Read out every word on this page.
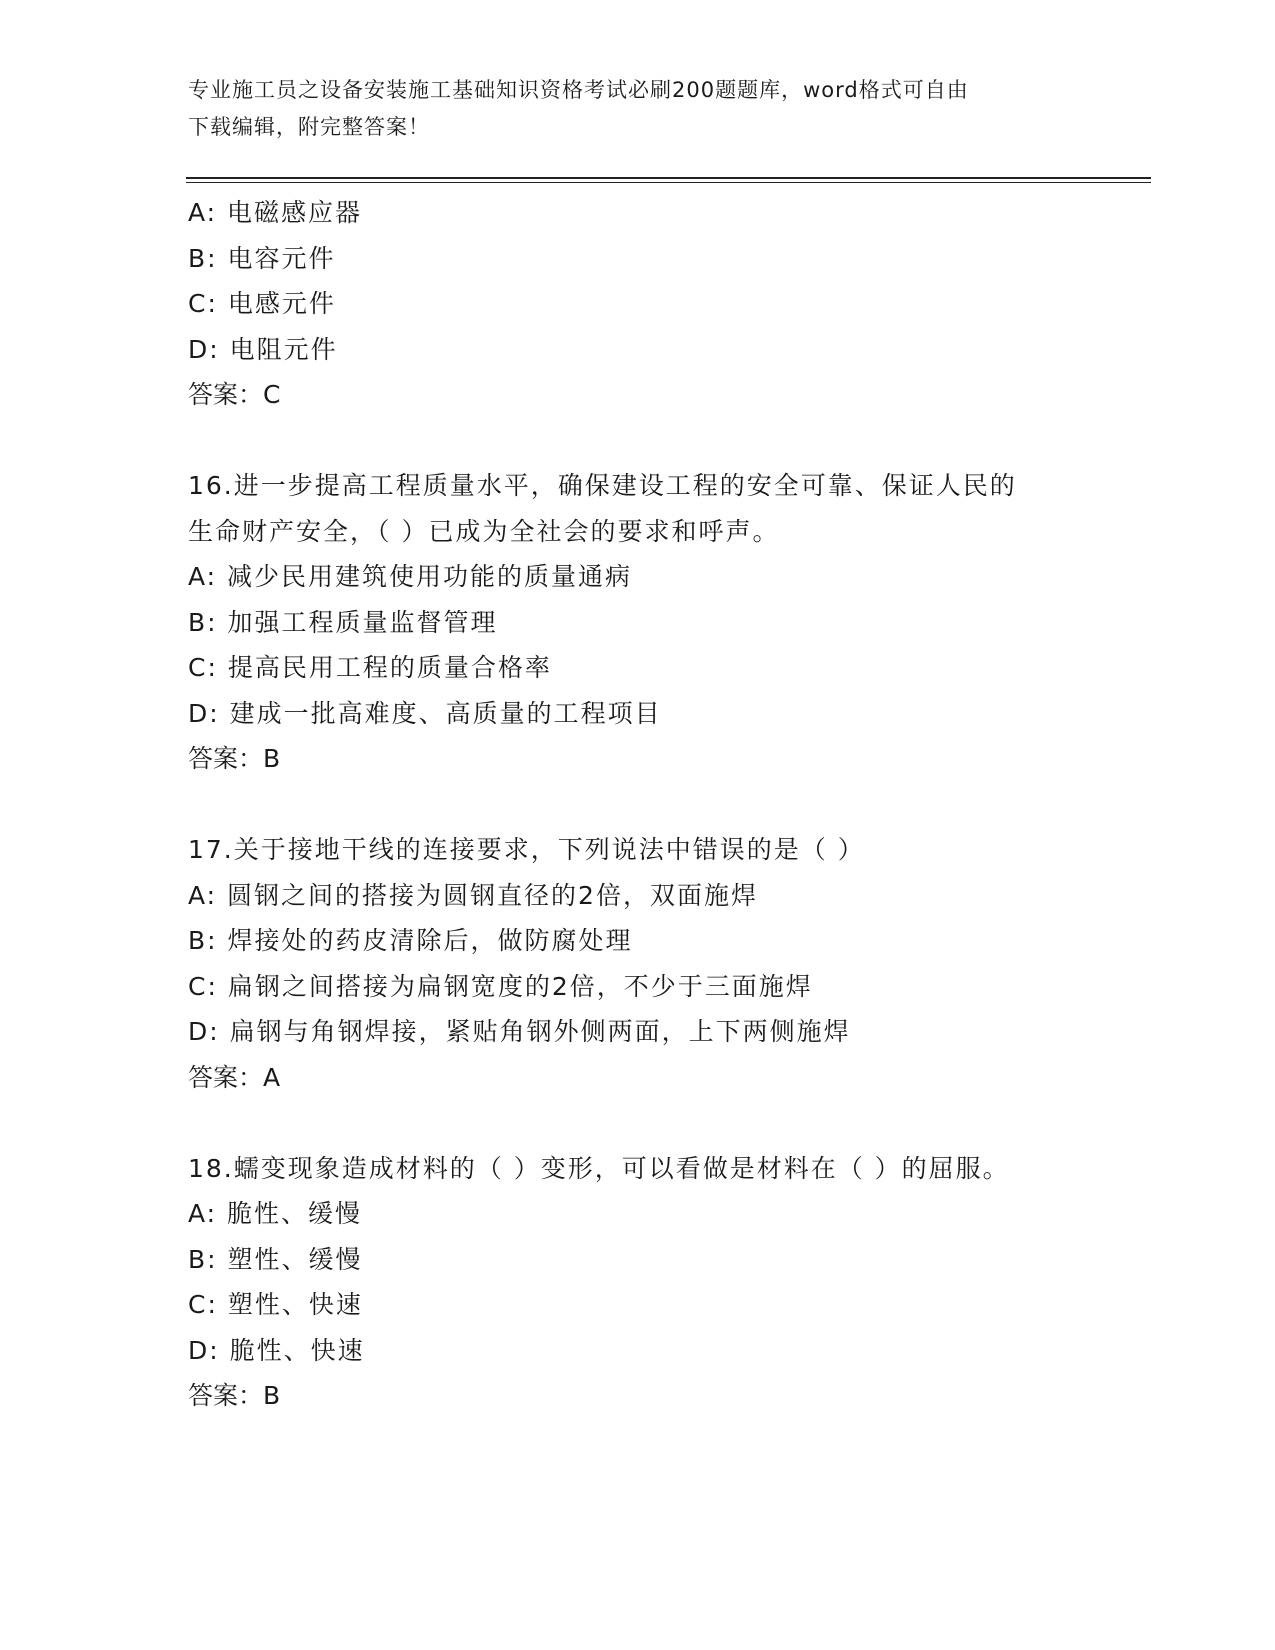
专业施工员之设备安装施工基础知识资格考试必刷200题题库，word格式可自由
下载编辑，附完整答案！
A: 电磁感应器
B: 电容元件
C: 电感元件
D: 电阻元件
答案：C
16.进一步提高工程质量水平，确保建设工程的安全可靠、保证人民的
生命财产安全，（ ）已成为全社会的要求和呼声。
A: 减少民用建筑使用功能的质量通病
B: 加强工程质量监督管理
C: 提高民用工程的质量合格率
D: 建成一批高难度、高质量的工程项目
答案：B
17.关于接地干线的连接要求，下列说法中错误的是（ ）
A: 圆钢之间的搭接为圆钢直径的2倍，双面施焊
B: 焊接处的药皮清除后，做防腐处理
C: 扁钢之间搭接为扁钢宽度的2倍，不少于三面施焊
D: 扁钢与角钢焊接，紧贴角钢外侧两面，上下两侧施焊
答案：A
18.蠕变现象造成材料的（ ）变形，可以看做是材料在（ ）的屈服。
A: 脆性、缓慢
B: 塑性、缓慢
C: 塑性、快速
D: 脆性、快速
答案：B
